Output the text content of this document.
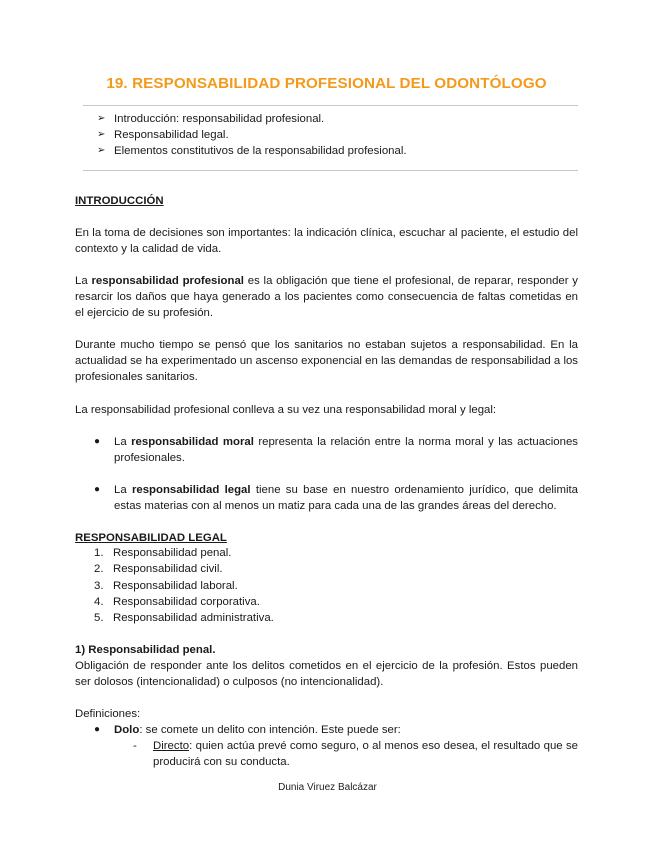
19. RESPONSABILIDAD PROFESIONAL DEL ODONTÓLOGO
➢ Introducción: responsabilidad profesional.
➢ Responsabilidad legal.
➢ Elementos constitutivos de la responsabilidad profesional.
INTRODUCCIÓN

En la toma de decisiones son importantes: la indicación clínica, escuchar al paciente, el estudio del contexto y la calidad de vida.

La responsabilidad profesional es la obligación que tiene el profesional, de reparar, responder y resarcir los daños que haya generado a los pacientes como consecuencia de faltas cometidas en el ejercicio de su profesión.

Durante mucho tiempo se pensó que los sanitarios no estaban sujetos a responsabilidad. En la actualidad se ha experimentado un ascenso exponencial en las demandas de responsabilidad a los profesionales sanitarios.

La responsabilidad profesional conlleva a su vez una responsabilidad moral y legal:

●	La responsabilidad moral representa la relación entre la norma moral y las actuaciones profesionales.
●	La responsabilidad legal tiene su base en nuestro ordenamiento jurídico, que delimita estas materias con al menos un matiz para cada una de las grandes áreas del derecho.
RESPONSABILIDAD LEGAL
1. Responsabilidad penal.
2. Responsabilidad civil.
3. Responsabilidad laboral.
4. Responsabilidad corporativa.
5. Responsabilidad administrativa.
1) Responsabilidad penal.

Obligación de responder ante los delitos cometidos en el ejercicio de la profesión. Estos pueden ser dolosos (intencionalidad) o culposos (no intencionalidad).

Definiciones:
●	Dolo: se comete un delito con intención. Este puede ser:
-	Directo: quien actúa prevé como seguro, o al menos eso desea, el resultado que se producirá con su conducta.
Dunia Viruez Balcázar
